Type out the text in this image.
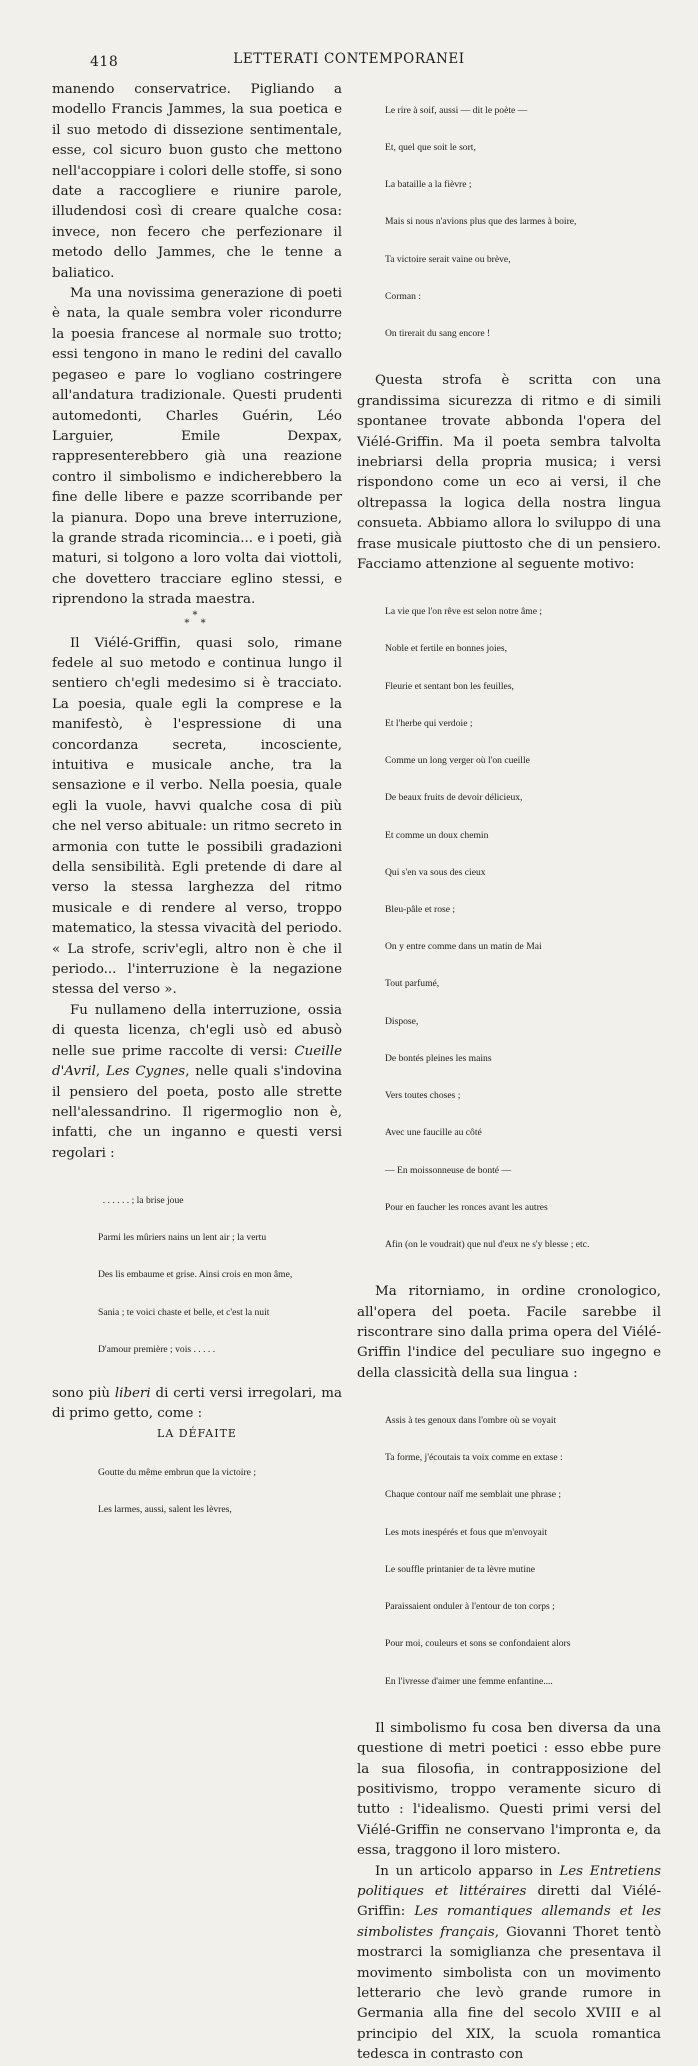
418	LETTERATI CONTEMPORANEI

manendo conservatrice. Pigliando a modello Francis Jammes, la sua poetica e il suo metodo di dissezione sentimentale, esse, col sicuro buon gusto che mettono nell'accoppiare i colori delle stoffe, si sono date a raccogliere e riunire parole, illudendosi così di creare qualche cosa: invece, non fecero che perfezionare il metodo dello Jammes, che le tenne a baliatico.

Ma una novissima generazione di poeti è nata, la quale sembra voler ricondurre la poesia francese al normale suo trotto; essi tengono in mano le redini del cavallo pegaseo e pare lo vogliano costringere all'andatura tradizionale. Questi prudenti automedonti, Charles Guérin, Léo Larguier, Emile Dexpax, rappresenterebbero già una reazione contro il simbolismo e indicherebbero la fine delle libere e pazze scorribande per la pianura. Dopo una breve interruzione, la grande strada ricomincia... e i poeti, già maturi, si tolgono a loro volta dai viottoli, che dovettero tracciare eglino stessi, e riprendono la strada maestra.

*
* *

Il Viélé-Griffin, quasi solo, rimane fedele al suo metodo e continua lungo il sentiero ch'egli medesimo si è tracciato. La poesia, quale egli la comprese e la manifestò, è l'espressione di una concordanza secreta, incosciente, intuitiva e musicale anche, tra la sensazione e il verbo. Nella poesia, quale egli la vuole, havvi qualche cosa di più che nel verso abituale: un ritmo secreto in armonia con tutte le possibili gradazioni della sensibilità. Egli pretende di dare al verso la stessa larghezza del ritmo musicale e di rendere al verso, troppo matematico, la stessa vivacità del periodo. « La strofe, scriv'egli, altro non è che il periodo... l'interruzione è la negazione stessa del verso ».

Fu nullameno della interruzione, ossia di questa licenza, ch'egli usò ed abusò nelle sue prime raccolte di versi: Cueille d'Avril, Les Cygnes, nelle quali s'indovina il pensiero del poeta, posto alle strette nell'alessandrino. Il rigermoglio non è, infatti, che un inganno e questi versi regolari :

. . . . . . ; la brise joue

Parmi les mûriers nains un lent air ; la vertu

Des lis embaume et grise. Ainsi crois en mon âme,

Sania ; te voici chaste et belle, et c'est la nuit

D'amour première ; vois . . . . .

sono più liberi di certi versi irregolari, ma di primo getto, come :

LA DÉFAITE

Goutte du même embrun que la victoire ;

Les larmes, aussi, salent les lèvres,

Le rire à soif, aussi — dit le poète —

Et, quel que soit le sort,

La bataille a la fièvre ;

Mais si nous n'avions plus que des larmes à boire,

Ta victoire serait vaine ou brève,

Corman :

On tirerait du sang encore !

Questa strofa è scritta con una grandissima sicurezza di ritmo e di simili spontanee trovate abbonda l'opera del Viélé-Griffin. Ma il poeta sembra talvolta inebriarsi della propria musica; i versi rispondono come un eco ai versi, il che oltrepassa la logica della nostra lingua consueta. Abbiamo allora lo sviluppo di una frase musicale piuttosto che di un pensiero. Facciamo attenzione al seguente motivo:

La vie que l'on rêve est selon notre âme ;

Noble et fertile en bonnes joies,

Fleurie et sentant bon les feuilles,

Et l'herbe qui verdoie ;

Comme un long verger où l'on cueille

De beaux fruits de devoir délicieux,

Et comme un doux chemin

Qui s'en va sous des cieux

Bleu-pâle et rose ;

On y entre comme dans un matin de Mai

Tout parfumé,

Dispose,

De bontés pleines les mains

Vers toutes choses ;

Avec une faucille au côté

— En moissonneuse de bonté —

Pour en faucher les ronces avant les autres

Afin (on le voudrait) que nul d'eux ne s'y blesse ; etc.

Ma ritorniamo, in ordine cronologico, all'opera del poeta. Facile sarebbe il riscontrare sino dalla prima opera del Viélé-Griffin l'indice del peculiare suo ingegno e della classicità della sua lingua :

Assis à tes genoux dans l'ombre où se voyait

Ta forme, j'écoutais ta voix comme en extase :

Chaque contour naïf me semblait une phrase ;

Les mots inespérés et fous que m'envoyait

Le souffle printanier de ta lèvre mutine

Paraissaient onduler à l'entour de ton corps ;

Pour moi, couleurs et sons se confondaient alors

En l'ivresse d'aimer une femme enfantine....

Il simbolismo fu cosa ben diversa da una questione di metri poetici : esso ebbe pure la sua filosofia, in contrapposizione del positivismo, troppo veramente sicuro di tutto : l'idealismo. Questi primi versi del Viélé-Griffin ne conservano l'impronta e, da essa, traggono il loro mistero.

In un articolo apparso in Les Entretiens politiques et littéraires diretti dal Viélé-Griffin: Les romantiques allemands et les simbolistes français, Giovanni Thoret tentò mostrarci la somiglianza che presentava il movimento simbolista con un movimento letterario che levò grande rumore in Germania alla fine del secolo XVIII e al principio del XIX, la scuola romantica tedesca in contrasto con
